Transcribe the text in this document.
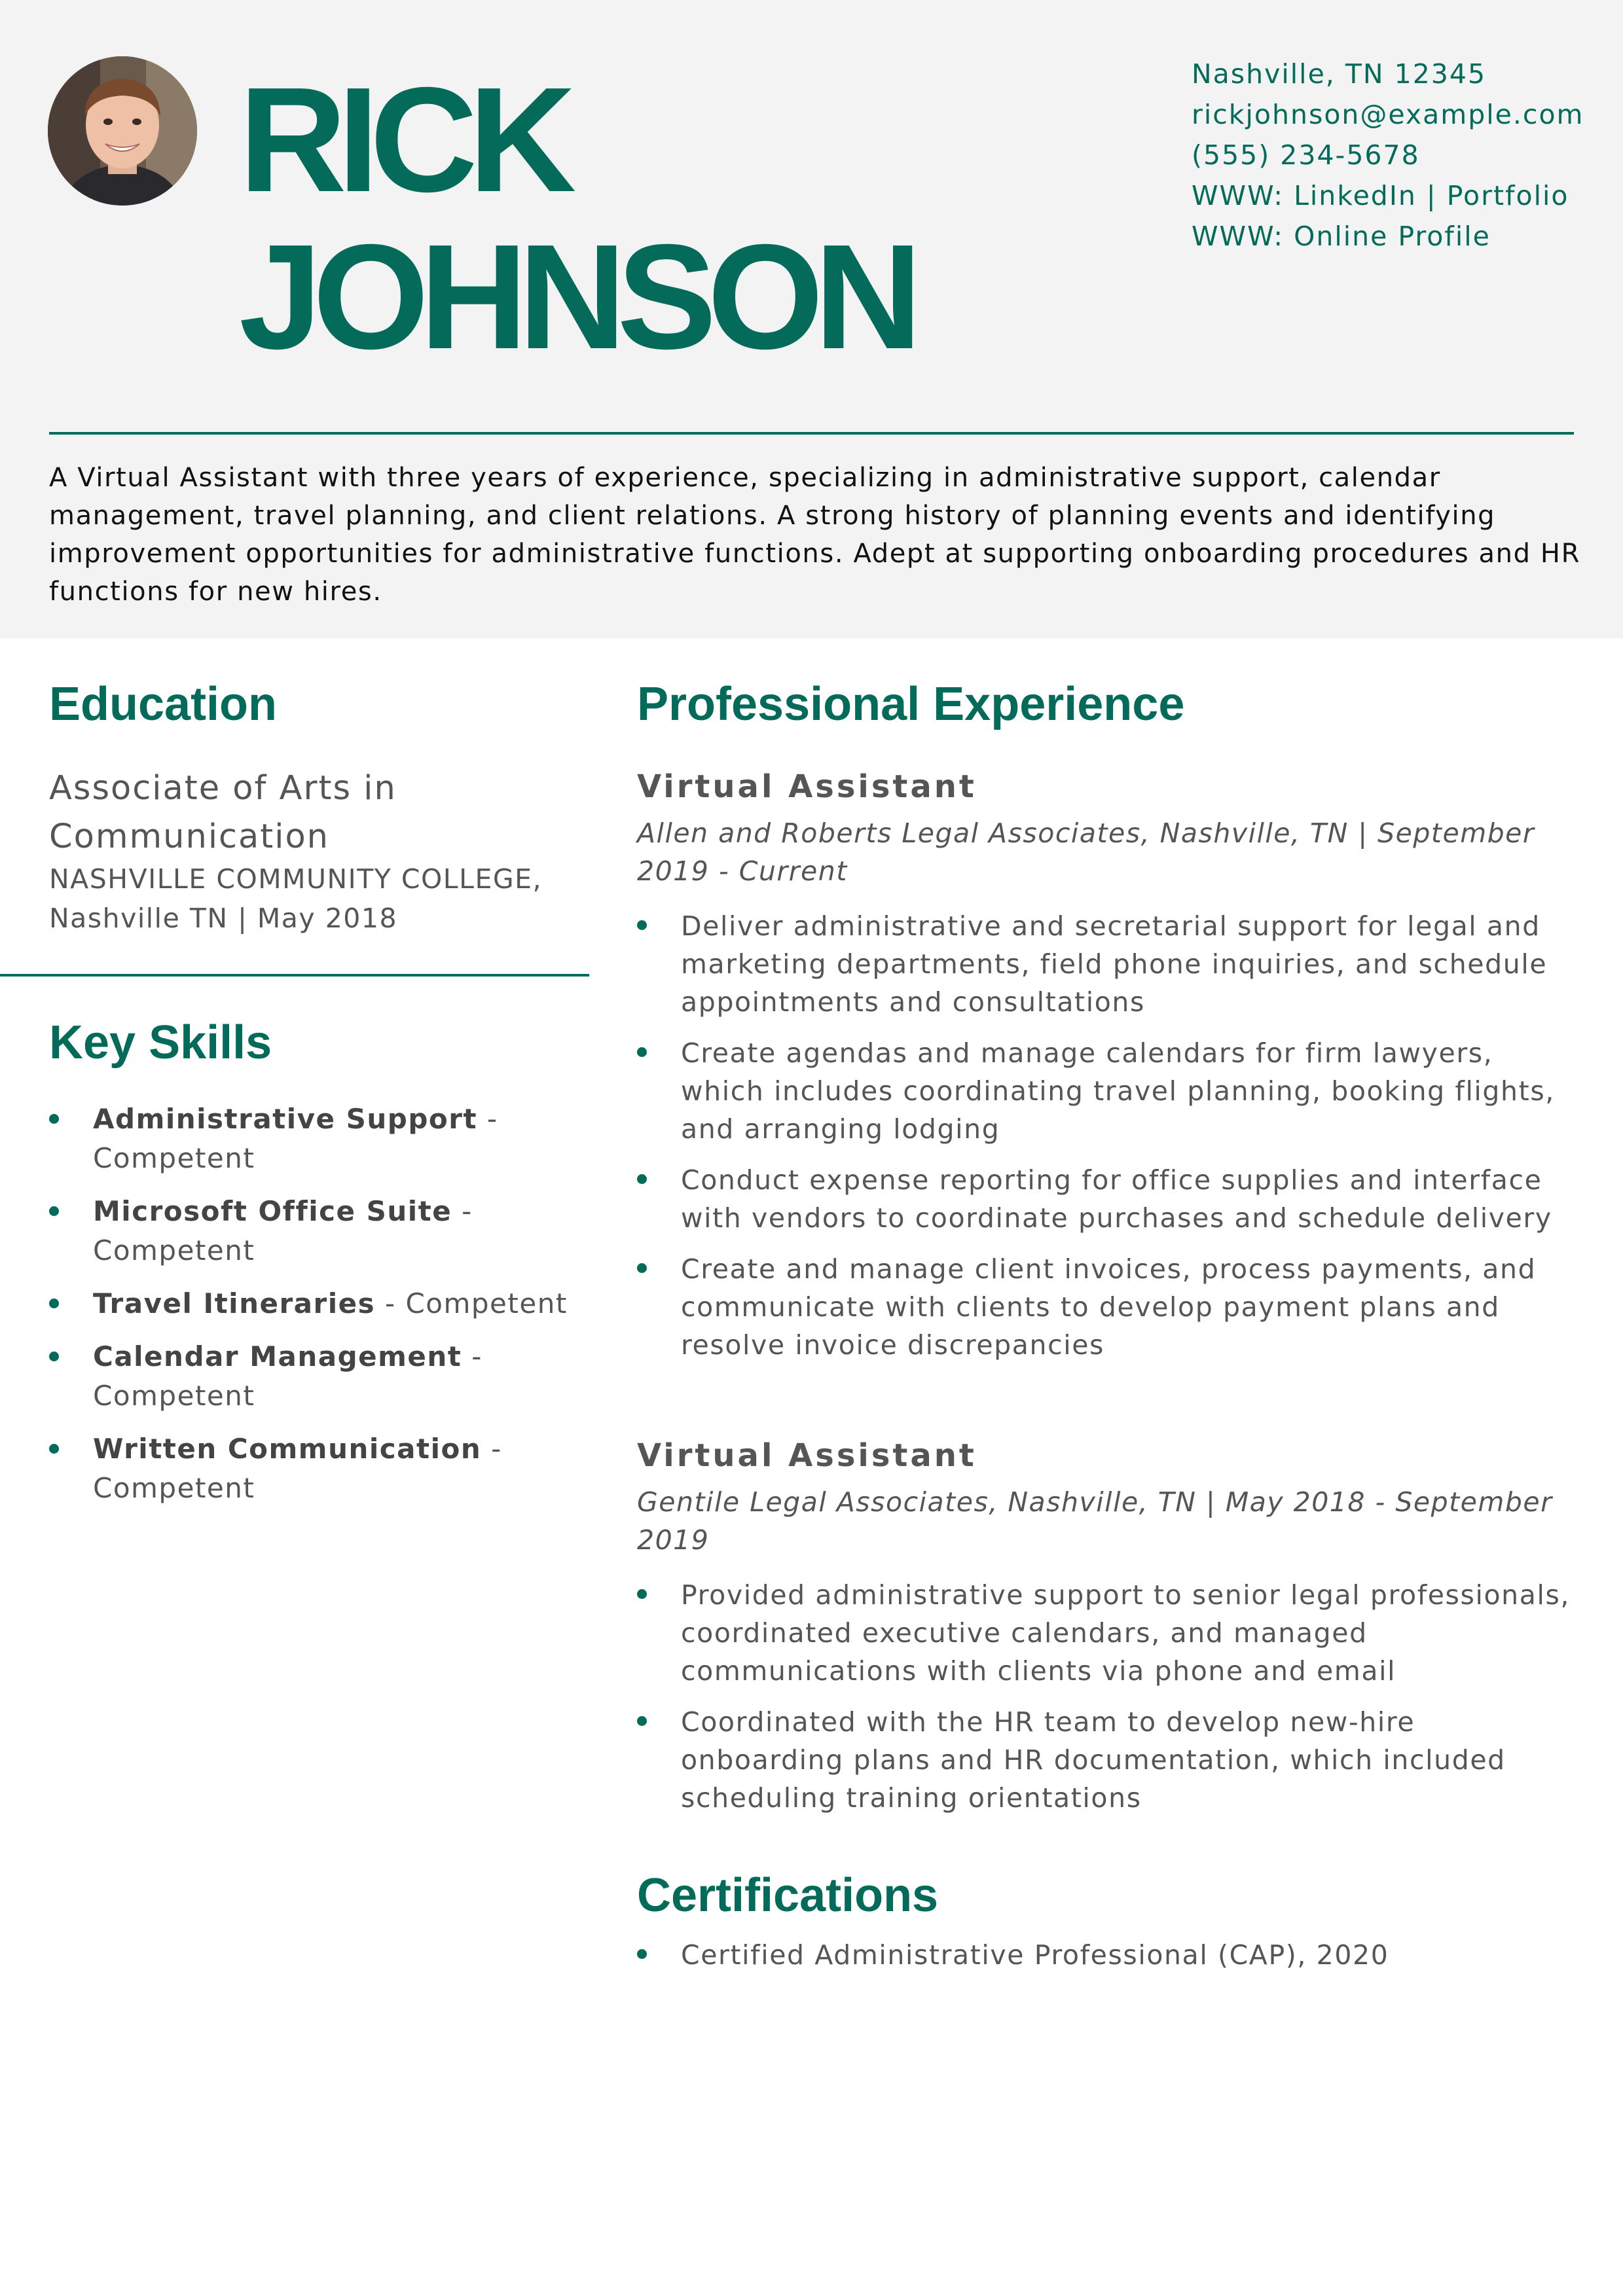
RICK
JOHNSON
Nashville, TN 12345
rickjohnson@example.com
(555) 234-5678
WWW: LinkedIn | Portfolio
WWW: Online Profile

A Virtual Assistant with three years of experience, specializing in administrative support, calendar management, travel planning, and client relations. A strong history of planning events and identifying improvement opportunities for administrative functions. Adept at supporting onboarding procedures and HR functions for new hires.

Education
Associate of Arts in Communication
NASHVILLE COMMUNITY COLLEGE,
Nashville TN | May 2018
Key Skills
Administrative Support - Competent
Microsoft Office Suite - Competent
Travel Itineraries - Competent
Calendar Management - Competent
Written Communication - Competent
Professional Experience
Virtual Assistant
Allen and Roberts Legal Associates, Nashville, TN | September 2019 - Current
Deliver administrative and secretarial support for legal and marketing departments, field phone inquiries, and schedule appointments and consultations
Create agendas and manage calendars for firm lawyers, which includes coordinating travel planning, booking flights, and arranging lodging
Conduct expense reporting for office supplies and interface with vendors to coordinate purchases and schedule delivery
Create and manage client invoices, process payments, and communicate with clients to develop payment plans and resolve invoice discrepancies
Virtual Assistant
Gentile Legal Associates, Nashville, TN | May 2018 - September 2019
Provided administrative support to senior legal professionals, coordinated executive calendars, and managed communications with clients via phone and email
Coordinated with the HR team to develop new-hire onboarding plans and HR documentation, which included scheduling training orientations
Certifications
Certified Administrative Professional (CAP), 2020
